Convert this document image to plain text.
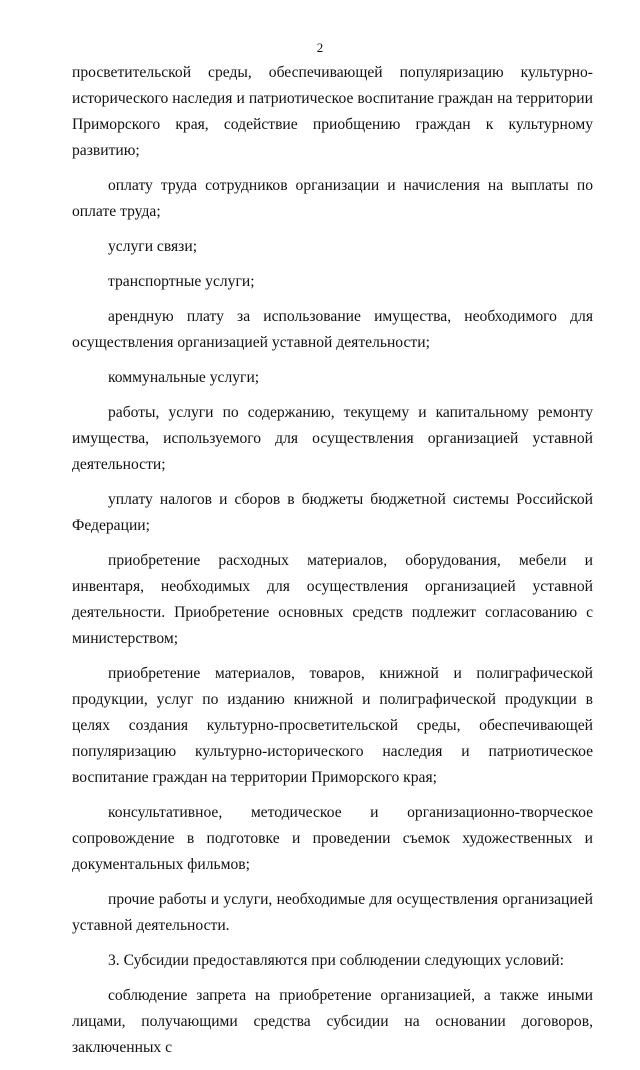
2

просветительской среды, обеспечивающей популяризацию культурно-исторического наследия и патриотическое воспитание граждан на территории Приморского края, содействие приобщению граждан к культурному развитию;

оплату труда сотрудников организации и начисления на выплаты по оплате труда;

услуги связи;

транспортные услуги;

арендную плату за использование имущества, необходимого для осуществления организацией уставной деятельности;

коммунальные услуги;

работы, услуги по содержанию, текущему и капитальному ремонту имущества, используемого для осуществления организацией уставной деятельности;

уплату налогов и сборов в бюджеты бюджетной системы Российской Федерации;

приобретение расходных материалов, оборудования, мебели и инвентаря, необходимых для осуществления организацией уставной деятельности. Приобретение основных средств подлежит согласованию с министерством;

приобретение материалов, товаров, книжной и полиграфической продукции, услуг по изданию книжной и полиграфической продукции в целях создания культурно-просветительской среды, обеспечивающей популяризацию культурно-исторического наследия и патриотическое воспитание граждан на территории Приморского края;

консультативное, методическое и организационно-творческое сопровождение в подготовке и проведении съемок художественных и документальных фильмов;

прочие работы и услуги, необходимые для осуществления организацией уставной деятельности.

3. Субсидии предоставляются при соблюдении следующих условий:

соблюдение запрета на приобретение организацией, а также иными лицами, получающими средства субсидии на основании договоров, заключенных с
